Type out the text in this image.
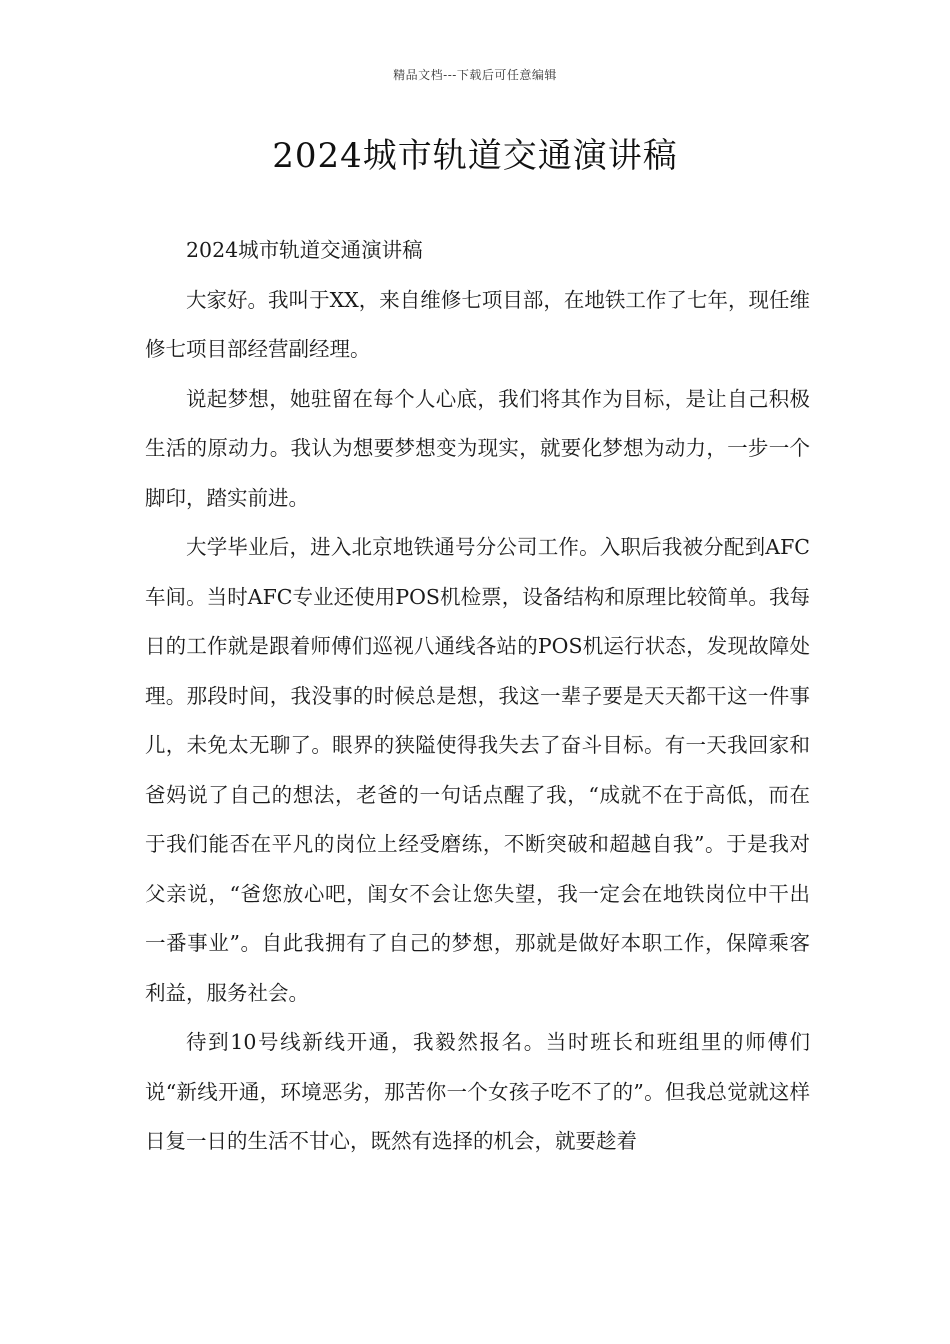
精品文档---下载后可任意编辑
2024城市轨道交通演讲稿

2024城市轨道交通演讲稿

大家好。我叫于XX，来自维修七项目部，在地铁工作了七年，现任维修七项目部经营副经理。

说起梦想，她驻留在每个人心底，我们将其作为目标，是让自己积极生活的原动力。我认为想要梦想变为现实，就要化梦想为动力，一步一个脚印，踏实前进。

大学毕业后，进入北京地铁通号分公司工作。入职后我被分配到AFC车间。当时AFC专业还使用POS机检票，设备结构和原理比较简单。我每日的工作就是跟着师傅们巡视八通线各站的POS机运行状态，发现故障处理。那段时间，我没事的时候总是想，我这一辈子要是天天都干这一件事儿，未免太无聊了。眼界的狭隘使得我失去了奋斗目标。有一天我回家和爸妈说了自己的想法，老爸的一句话点醒了我，“成就不在于高低，而在于我们能否在平凡的岗位上经受磨练，不断突破和超越自我”。于是我对父亲说，“爸您放心吧，闺女不会让您失望，我一定会在地铁岗位中干出一番事业”。自此我拥有了自己的梦想，那就是做好本职工作，保障乘客利益，服务社会。

待到10号线新线开通，我毅然报名。当时班长和班组里的师傅们说“新线开通，环境恶劣，那苦你一个女孩子吃不了的”。但我总觉就这样日复一日的生活不甘心，既然有选择的机会，就要趁着
